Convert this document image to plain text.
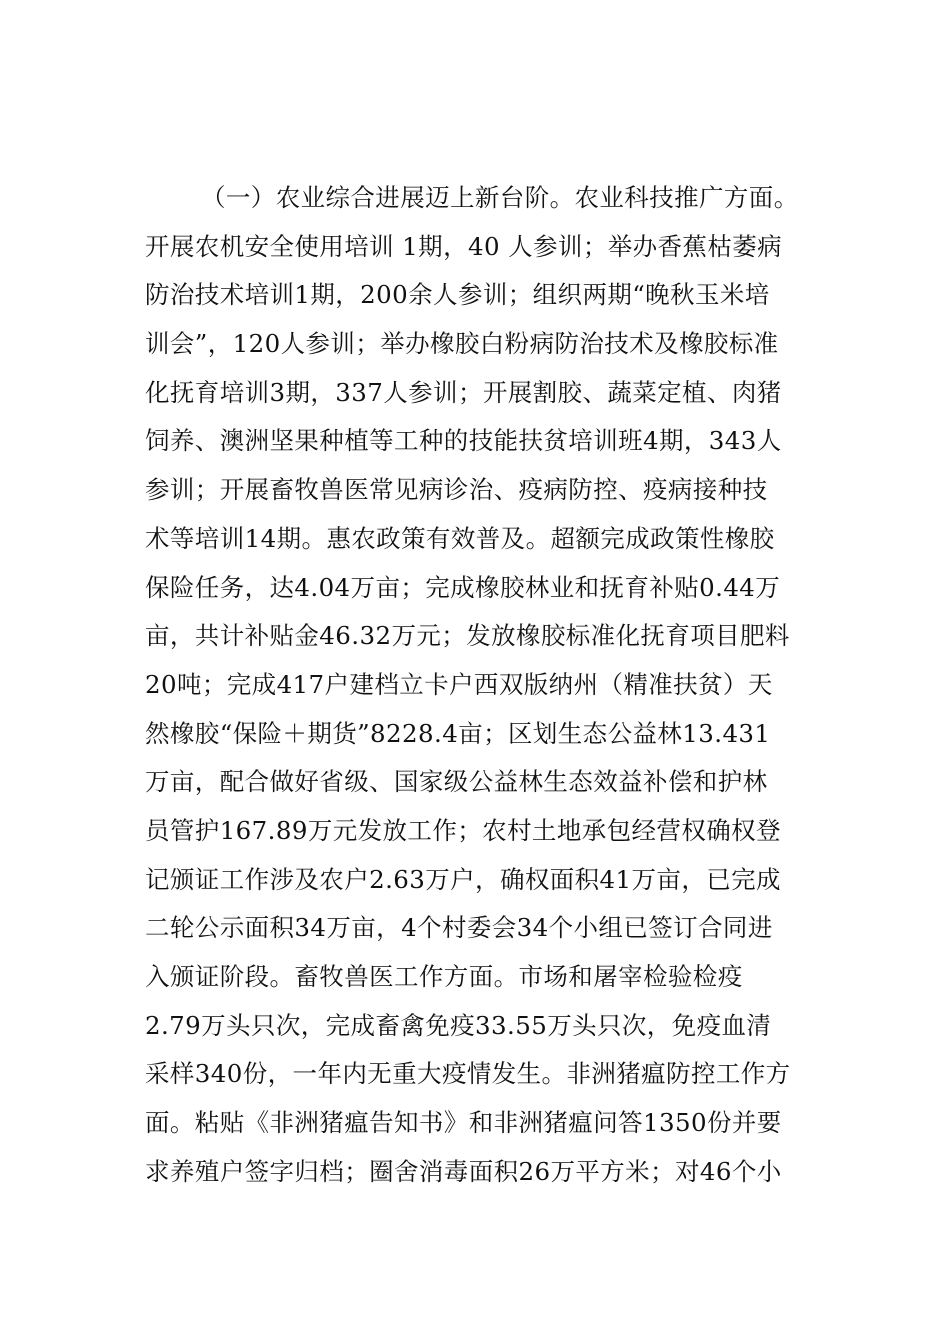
（一）农业综合进展迈上新台阶。农业科技推广方面。
开展农机安全使用培训 1期，40 人参训；举办香蕉枯萎病
防治技术培训1期，200余人参训；组织两期“晚秋玉米培
训会”，120人参训；举办橡胶白粉病防治技术及橡胶标准
化抚育培训3期，337人参训；开展割胶、蔬菜定植、肉猪
饲养、澳洲坚果种植等工种的技能扶贫培训班4期，343人
参训；开展畜牧兽医常见病诊治、疫病防控、疫病接种技
术等培训14期。惠农政策有效普及。超额完成政策性橡胶
保险任务，达4.04万亩；完成橡胶林业和抚育补贴0.44万
亩，共计补贴金46.32万元；发放橡胶标准化抚育项目肥料
20吨；完成417户建档立卡户西双版纳州（精准扶贫）天
然橡胶“保险＋期货”8228.4亩；区划生态公益林13.431
万亩，配合做好省级、国家级公益林生态效益补偿和护林
员管护167.89万元发放工作；农村土地承包经营权确权登
记颁证工作涉及农户2.63万户，确权面积41万亩，已完成
二轮公示面积34万亩，4个村委会34个小组已签订合同进
入颁证阶段。畜牧兽医工作方面。市场和屠宰检验检疫
2.79万头只次，完成畜禽免疫33.55万头只次，免疫血清
采样340份，一年内无重大疫情发生。非洲猪瘟防控工作方
面。粘贴《非洲猪瘟告知书》和非洲猪瘟问答1350份并要
求养殖户签字归档；圈舍消毒面积26万平方米；对46个小
